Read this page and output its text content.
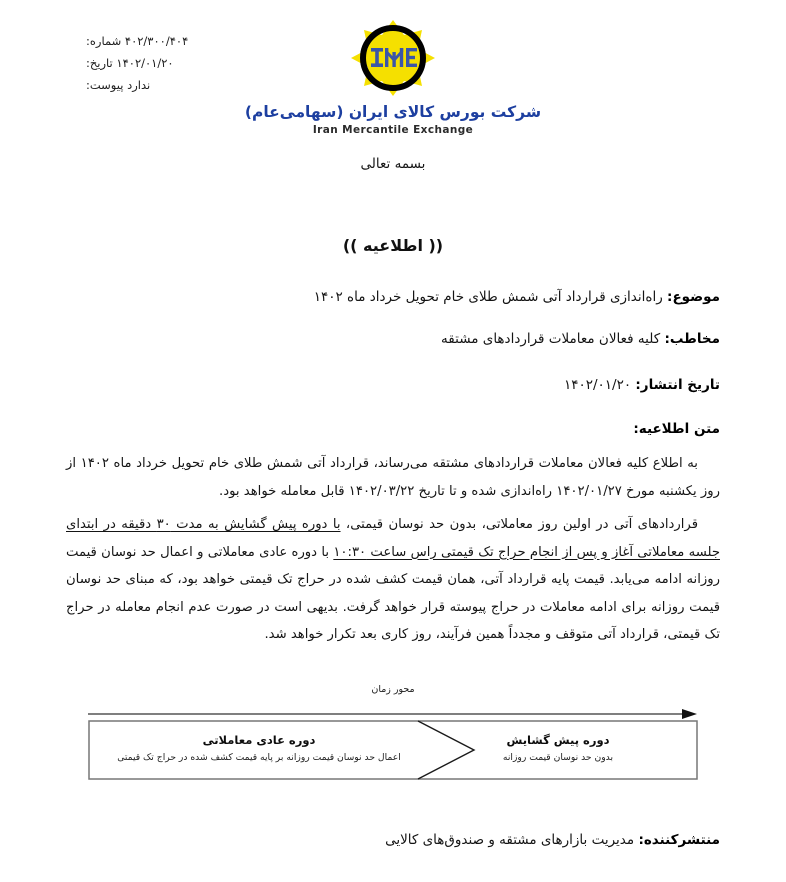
۴۰۲/۳۰۰/۴۰۴ شماره:
۱۴۰۲/۰۱/۲۰ تاریخ:
ندارد پیوست:
شرکت بورس کالای ایران (سهامی‌عام)
Iran Mercantile Exchange
بسمه تعالی
(( اطلاعیه ))
موضوع: راه‌اندازی قرارداد آتی شمش طلای خام تحویل خرداد ماه ۱۴۰۲
مخاطب: کلیه فعالان معاملات قراردادهای مشتقه
تاریخ انتشار: ۱۴۰۲/۰۱/۲۰
متن اطلاعیه:

به اطلاع کلیه فعالان معاملات قراردادهای مشتقه می‌رساند، قرارداد آتی شمش طلای خام تحویل خرداد ماه ۱۴۰۲ از روز یکشنبه مورخ ۱۴۰۲/۰۱/۲۷ راه‌اندازی شده و تا تاریخ ۱۴۰۲/۰۳/۲۲ قابل معامله خواهد بود.

قراردادهای آتی در اولین روز معاملاتی، بدون حد نوسان قیمتی، با دوره پیش گشایش به مدت ۳۰ دقیقه در ابتدای جلسه معاملاتی آغاز و پس از انجام حراج تک قیمتی راس ساعت ۱۰:۳۰ با دوره عادی معاملاتی و اعمال حد نوسان قیمت روزانه ادامه می‌یابد. قیمت پایه قرارداد آتی، همان قیمت کشف شده در حراج تک قیمتی خواهد بود، که مبنای حد نوسان قیمت روزانه برای ادامه معاملات در حراج پیوسته قرار خواهد گرفت. بدیهی است در صورت عدم انجام معامله در حراج تک قیمتی، قرارداد آتی متوقف و مجدداً همین فرآیند، روز کاری بعد تکرار خواهد شد.

محور زمان
دوره پیش گشایش
بدون حد نوسان قیمت روزانه
دوره عادی معاملاتی
اعمال حد نوسان قیمت روزانه بر پایه قیمت کشف شده در حراج تک قیمتی
منتشرکننده: مدیریت بازارهای مشتقه و صندوق‌های کالایی
